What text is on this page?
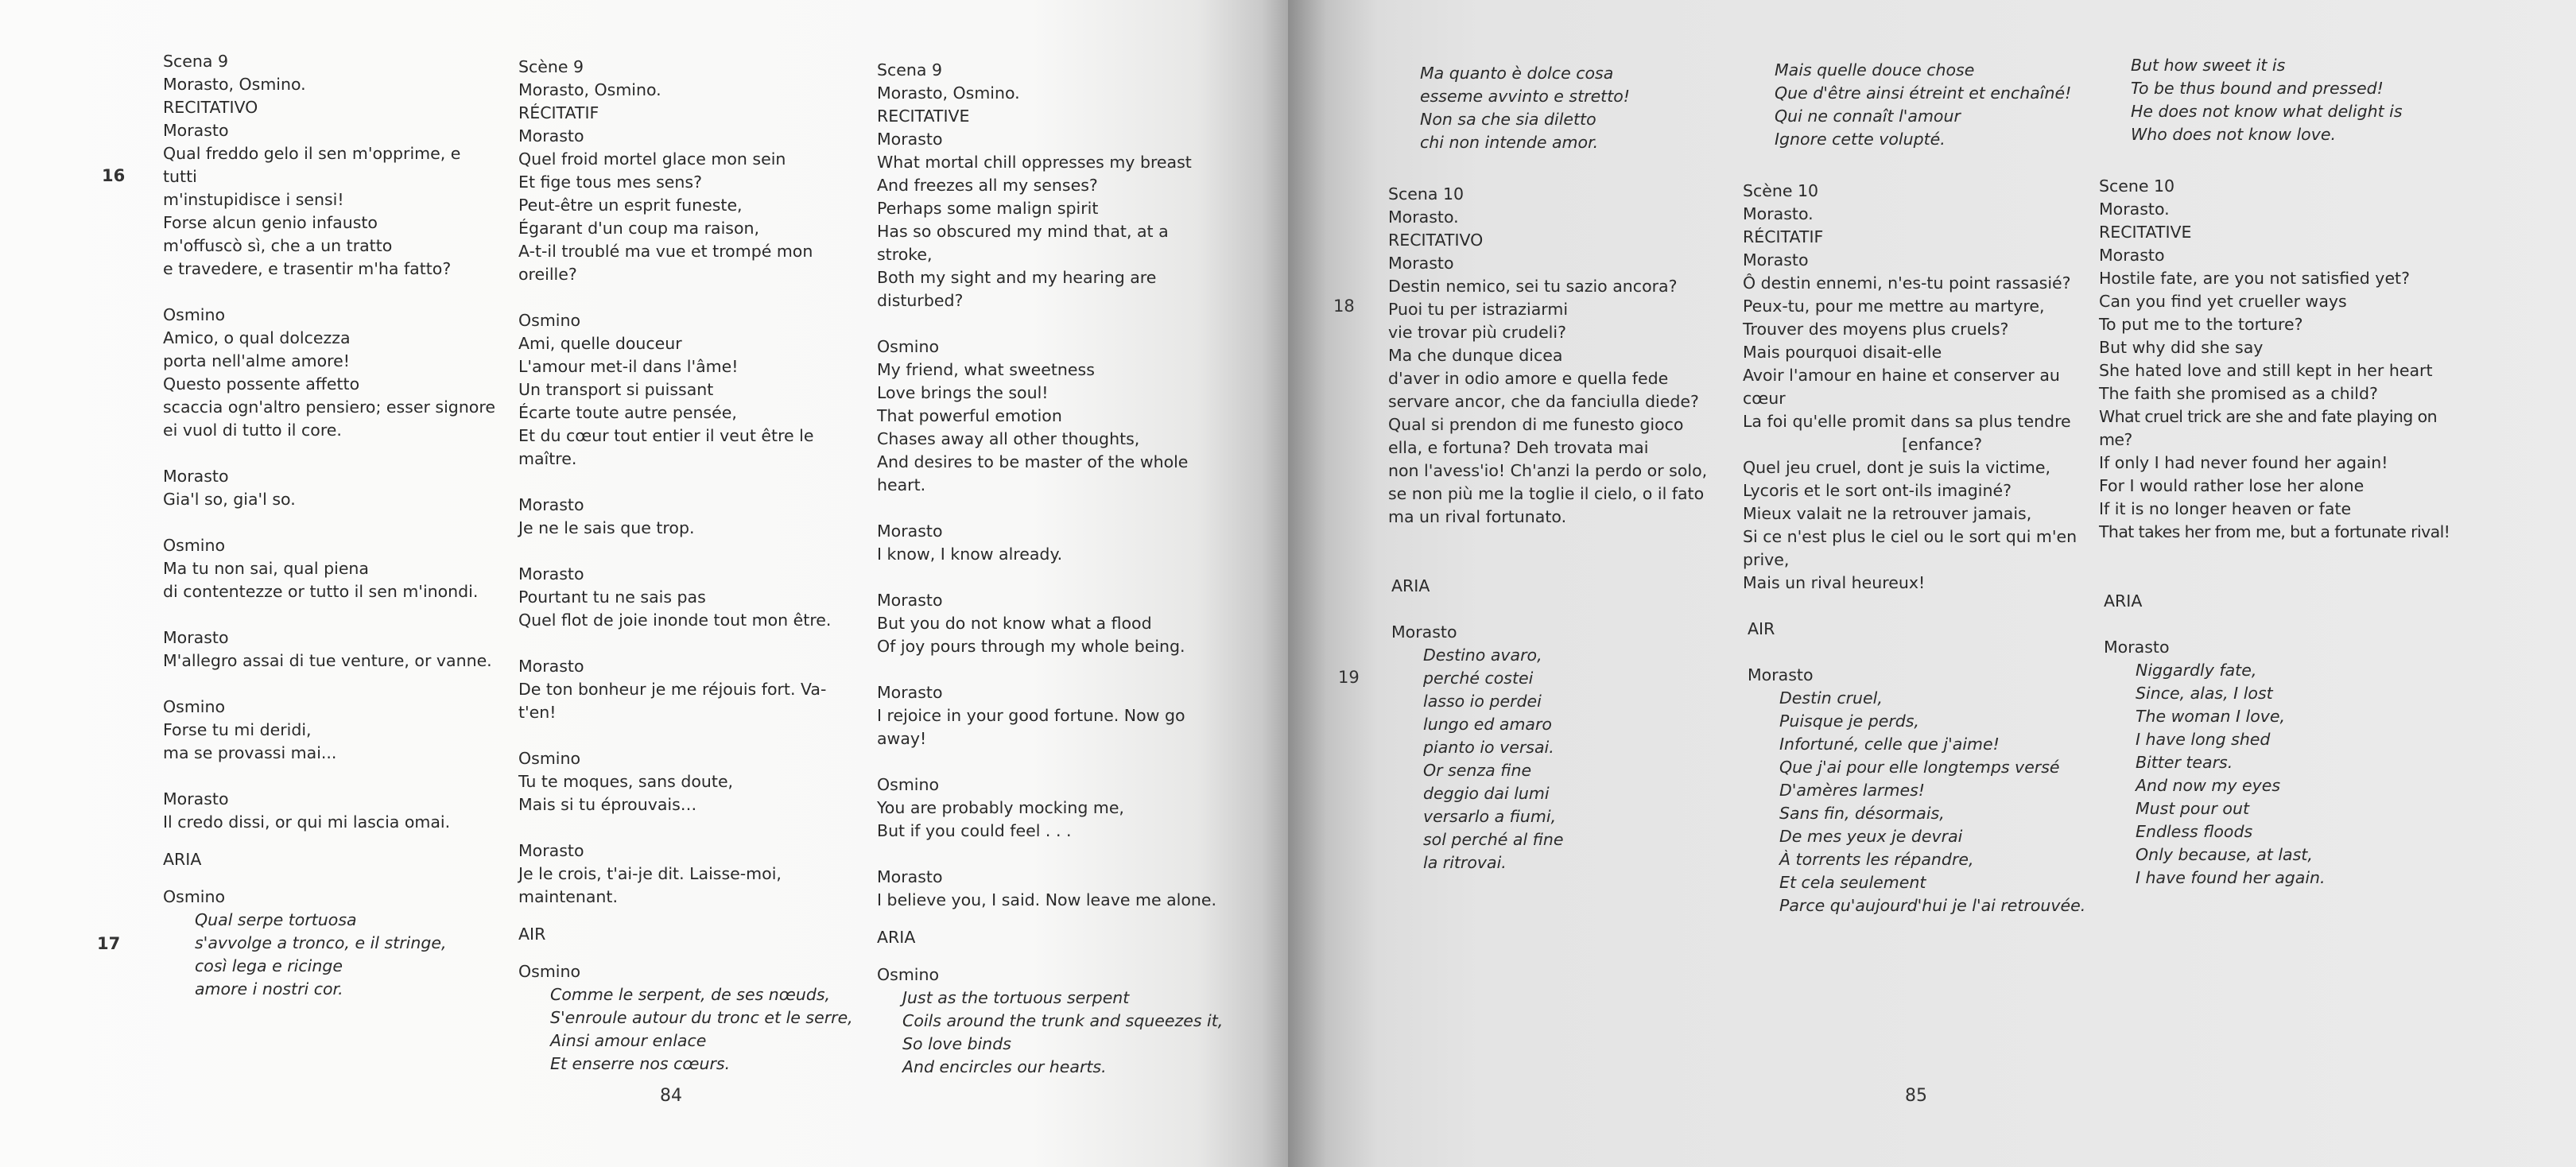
16
17

Scena 9

Morasto, Osmino.

RECITATIVO

Morasto

Qual freddo gelo il sen m'opprime, e tutti

m'instupidisce i sensi!

Forse alcun genio infausto

m'offuscò sì, che a un tratto

e travedere, e trasentir m'ha fatto?

Osmino

Amico, o qual dolcezza

porta nell'alme amore!

Questo possente affetto

scaccia ogn'altro pensiero; esser signore

ei vuol di tutto il core.

Morasto

Gia'l so, gia'l so.

Osmino

Ma tu non sai, qual piena

di contentezze or tutto il sen m'inondi.

Morasto

M'allegro assai di tue venture, or vanne.

Osmino

Forse tu mi deridi,

ma se provassi mai...

Morasto

Il credo dissi, or qui mi lascia omai.

ARIA

Osmino

Qual serpe tortuosa

s'avvolge a tronco, e il stringe,

così lega e ricinge

amore i nostri cor.

Scène 9

Morasto, Osmino.

RÉCITATIF

Morasto

Quel froid mortel glace mon sein

Et fige tous mes sens?

Peut-être un esprit funeste,

Égarant d'un coup ma raison,

A-t-il troublé ma vue et trompé mon oreille?

Osmino

Ami, quelle douceur

L'amour met-il dans l'âme!

Un transport si puissant

Écarte toute autre pensée,

Et du cœur tout entier il veut être le maître.

Morasto

Je ne le sais que trop.

Morasto

Pourtant tu ne sais pas

Quel flot de joie inonde tout mon être.

Morasto

De ton bonheur je me réjouis fort. Va-t'en!

Osmino

Tu te moques, sans doute,

Mais si tu éprouvais…

Morasto

Je le crois, t'ai-je dit. Laisse-moi, maintenant.

AIR

Osmino

Comme le serpent, de ses nœuds,

S'enroule autour du tronc et le serre,

Ainsi amour enlace

Et enserre nos cœurs.

Scena 9

Morasto, Osmino.

RECITATIVE

Morasto

What mortal chill oppresses my breast

And freezes all my senses?

Perhaps some malign spirit

Has so obscured my mind that, at a stroke,

Both my sight and my hearing are disturbed?

Osmino

My friend, what sweetness

Love brings the soul!

That powerful emotion

Chases away all other thoughts,

And desires to be master of the whole heart.

Morasto

I know, I know already.

Morasto

But you do not know what a flood

Of joy pours through my whole being.

Morasto

I rejoice in your good fortune. Now go away!

Osmino

You are probably mocking me,

But if you could feel . . .

Morasto

I believe you, I said. Now leave me alone.

ARIA

Osmino

Just as the tortuous serpent

Coils around the trunk and squeezes it,

So love binds

And encircles our hearts.

84
18
19

Ma quanto è dolce cosa

esseme avvinto e stretto!

Non sa che sia diletto

chi non intende amor.

Scena 10

Morasto.

RECITATIVO

Morasto

Destin nemico, sei tu sazio ancora?

Puoi tu per istraziarmi

vie trovar più crudeli?

Ma che dunque dicea

d'aver in odio amore e quella fede

servare ancor, che da fanciulla diede?

Qual si prendon di me funesto gioco

ella, e fortuna? Deh trovata mai

non l'avess'io! Ch'anzi la perdo or solo,

se non più me la toglie il cielo, o il fato

ma un rival fortunato.

ARIA

Morasto

Destino avaro,

perché costei

lasso io perdei

lungo ed amaro

pianto io versai.

Or senza fine

deggio dai lumi

versarlo a fiumi,

sol perché al fine

la ritrovai.

Mais quelle douce chose

Que d'être ainsi étreint et enchaîné!

Qui ne connaît l'amour

Ignore cette volupté.

Scène 10

Morasto.

RÉCITATIF

Morasto

Ô destin ennemi, n'es-tu point rassasié?

Peux-tu, pour me mettre au martyre,

Trouver des moyens plus cruels?

Mais pourquoi disait-elle

Avoir l'amour en haine et conserver au cœur

La foi qu'elle promit dans sa plus tendre

[enfance?

Quel jeu cruel, dont je suis la victime,

Lycoris et le sort ont-ils imaginé?

Mieux valait ne la retrouver jamais,

Si ce n'est plus le ciel ou le sort qui m'en prive,

Mais un rival heureux!

AIR

Morasto

Destin cruel,

Puisque je perds,

Infortuné, celle que j'aime!

Que j'ai pour elle longtemps versé

D'amères larmes!

Sans fin, désormais,

De mes yeux je devrai

À torrents les répandre,

Et cela seulement

Parce qu'aujourd'hui je l'ai retrouvée.

But how sweet it is

To be thus bound and pressed!

He does not know what delight is

Who does not know love.

Scene 10

Morasto.

RECITATIVE

Morasto

Hostile fate, are you not satisfied yet?

Can you find yet crueller ways

To put me to the torture?

But why did she say

She hated love and still kept in her heart

The faith she promised as a child?

What cruel trick are she and fate playing on me?

If only I had never found her again!

For I would rather lose her alone

If it is no longer heaven or fate

That takes her from me, but a fortunate rival!

ARIA

Morasto

Niggardly fate,

Since, alas, I lost

The woman I love,

I have long shed

Bitter tears.

And now my eyes

Must pour out

Endless floods

Only because, at last,

I have found her again.

85
